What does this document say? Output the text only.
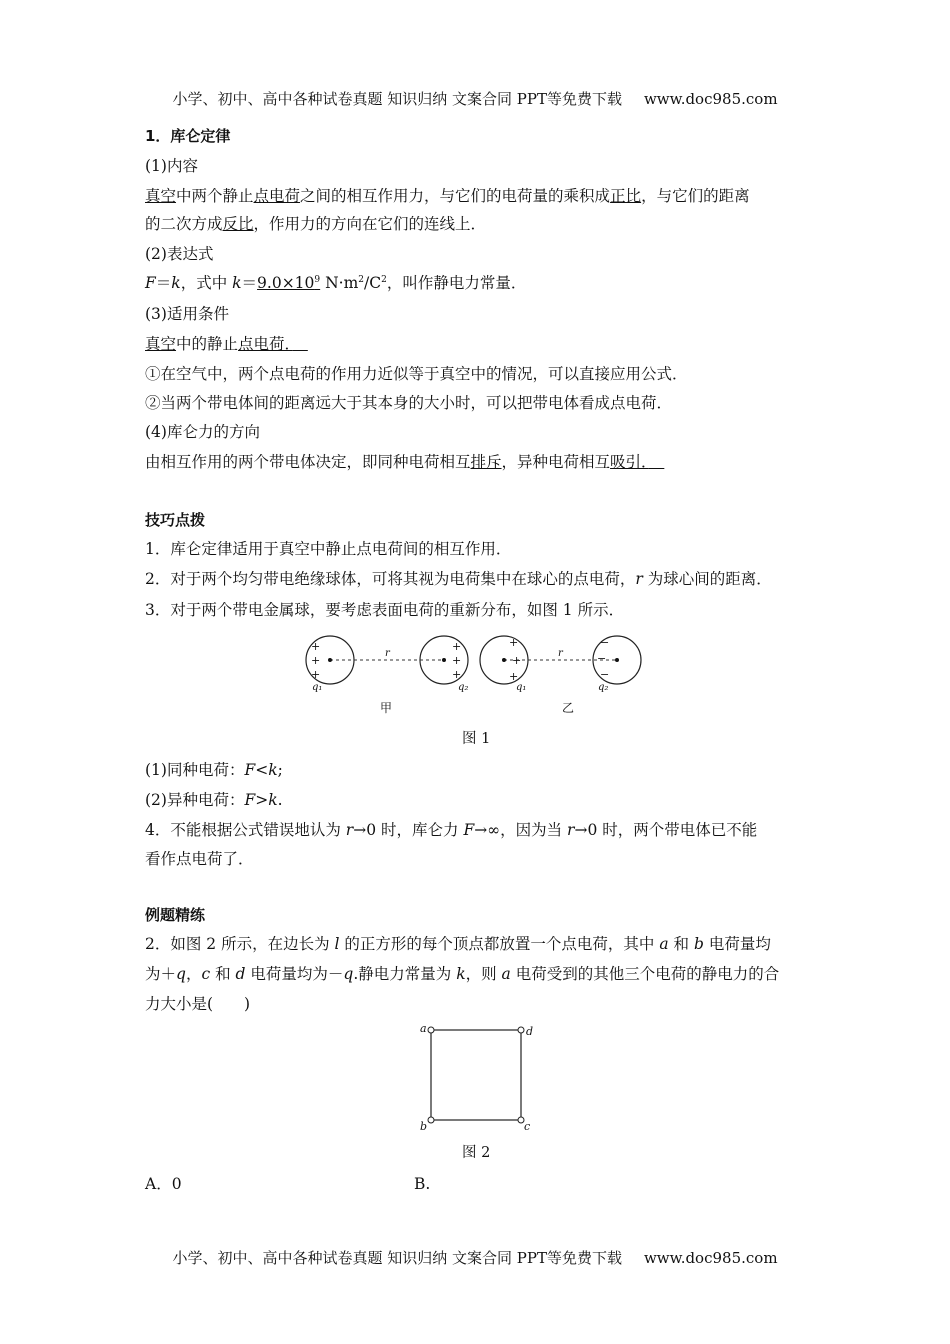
小学、初中、高中各种试卷真题 知识归纳 文案合同 PPT等免费下载 www.doc985.com
1．库仑定律
(1)内容
真空中两个静止点电荷之间的相互作用力，与它们的电荷量的乘积成正比，与它们的距离
的二次方成反比，作用力的方向在它们的连线上．
(2)表达式
F＝k，式中 $k=9.0\times 10^9$ $N\cdot m^2/C^2$，叫作静电力常量．
(3)适用条件
真空中的静止点电荷．　
①在空气中，两个点电荷的作用力近似等于真空中的情况，可以直接应用公式．
②当两个带电体间的距离远大于其本身的大小时，可以把带电体看成点电荷．
(4)库仑力的方向
由相互作用的两个带电体决定，即同种电荷相互排斥，异种电荷相互吸引．　
技巧点拨
1．库仑定律适用于真空中静止点电荷间的相互作用．
2．对于两个均匀带电绝缘球体，可将其视为电荷集中在球心的点电荷，r 为球心间的距离．
3．对于两个带电金属球，要考虑表面电荷的重新分布，如图 1 所示．
+
+
+
+
+
+
+
+
+
−
−
−
r	r
q₁	q₂	q₁	q₂
甲	乙
图 1
(1)同种电荷：F<k;
(2)异种电荷：F>k.
4．不能根据公式错误地认为 r→0 时，库仑力 F→∞，因为当 r→0 时，两个带电体已不能
看作点电荷了．
例题精练
2．如图 2 所示，在边长为 l 的正方形的每个顶点都放置一个点电荷，其中 a 和 b 电荷量均
为＋q，c 和 d 电荷量均为－q.静电力常量为 k，则 a 电荷受到的其他三个电荷的静电力的合
力大小是(　　)
a	d
b	c
图 2
A．0	B.
小学、初中、高中各种试卷真题 知识归纳 文案合同 PPT等免费下载 www.doc985.com
